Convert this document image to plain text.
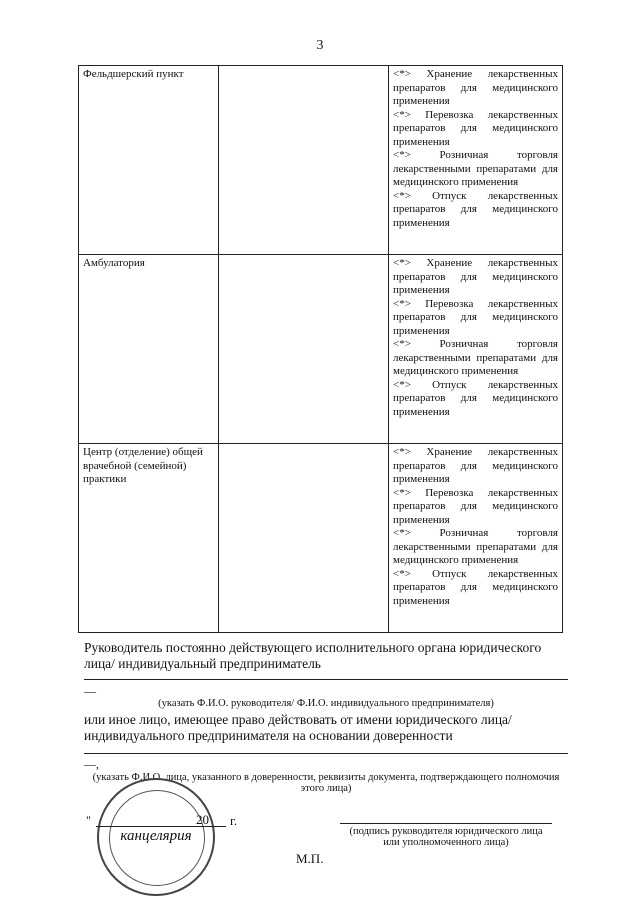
3
Фельдшерский пункт		<*> Хранение лекарственных препаратов для медицинского применения
<*> Перевозка лекарственных препаратов для медицинского применения
<*> Розничная торговля лекарственными препаратами для медицинского применения
<*> Отпуск лекарственных препаратов для медицинского применения

Амбулатория		<*> Хранение лекарственных препаратов для медицинского применения
<*> Перевозка лекарственных препаратов для медицинского применения
<*> Розничная торговля лекарственными препаратами для медицинского применения
<*> Отпуск лекарственных препаратов для медицинского применения

Центр (отделение) общей врачебной (семейной) практики		<*> Хранение лекарственных препаратов для медицинского применения
<*> Перевозка лекарственных препаратов для медицинского применения
<*> Розничная торговля лекарственными препаратами для медицинского применения
<*> Отпуск лекарственных препаратов для медицинского применения
Руководитель постоянно действующего исполнительного органа юридического лица/ индивидуальный предприниматель
—
(указать Ф.И.О. руководителя/ Ф.И.О. индивидуального предпринимателя)
или иное лицо, имеющее право действовать от имени юридического лица/ индивидуального предпринимателя на основании доверенности
—,
(указать Ф.И.О. лица, указанного в доверенности, реквизиты документа, подтверждающего полномочия этого лица)
канцелярия
"	20 г.
(подпись руководителя юридического лица или уполномоченного лица)
М.П.
